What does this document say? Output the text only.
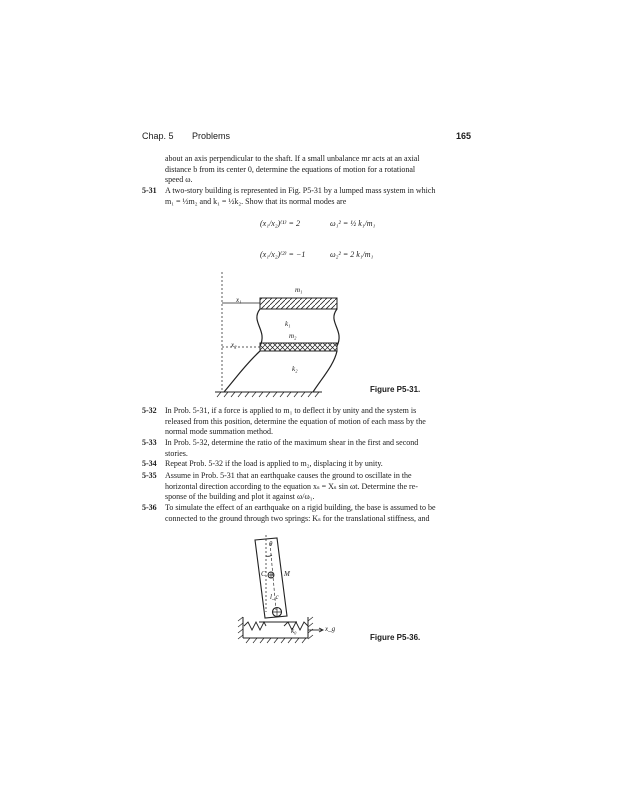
Chap. 5 Problems	165
about an axis perpendicular to the shaft. If a small unbalance mr acts at an axial
distance b from its center 0, determine the equations of motion for a rotational
speed ω.
5-31 A two-story building is represented in Fig. P5-31 by a lumped mass system in which
m₁ = ½m₂ and k₁ = ½k₂. Show that its normal modes are
(x₁/x₂)⁽¹⁾ = 2	ω₁² = ½ k₁/m₁
(x₁/x₂)⁽²⁾ = −1	ω₂² = 2 k₁/m₁
m₁
x₁
k₁
m₂
x₂
k₂
Figure P5-31.
5-32 In Prob. 5-31, if a force is applied to m₁ to deflect it by unity and the system is
released from this position, determine the equation of motion of each mass by the
normal mode summation method.
5-33 In Prob. 5-32, determine the ratio of the maximum shear in the first and second
stories.
5-34 Repeat Prob. 5-32 if the load is applied to m₂, displacing it by unity.
5-35 Assume in Prob. 5-31 that an earthquake causes the ground to oscillate in the
horizontal direction according to the equation xₛ = Xₛ sin ωt. Determine the re-
sponse of the building and plot it against ω/ω₁.
5-36 To simulate the effect of an earthquake on a rigid building, the base is assumed to be
connected to the ground through two springs: Kₛ for the translational stiffness, and
θ
C	M
l_c
k₀	x_g
Figure P5-36.
